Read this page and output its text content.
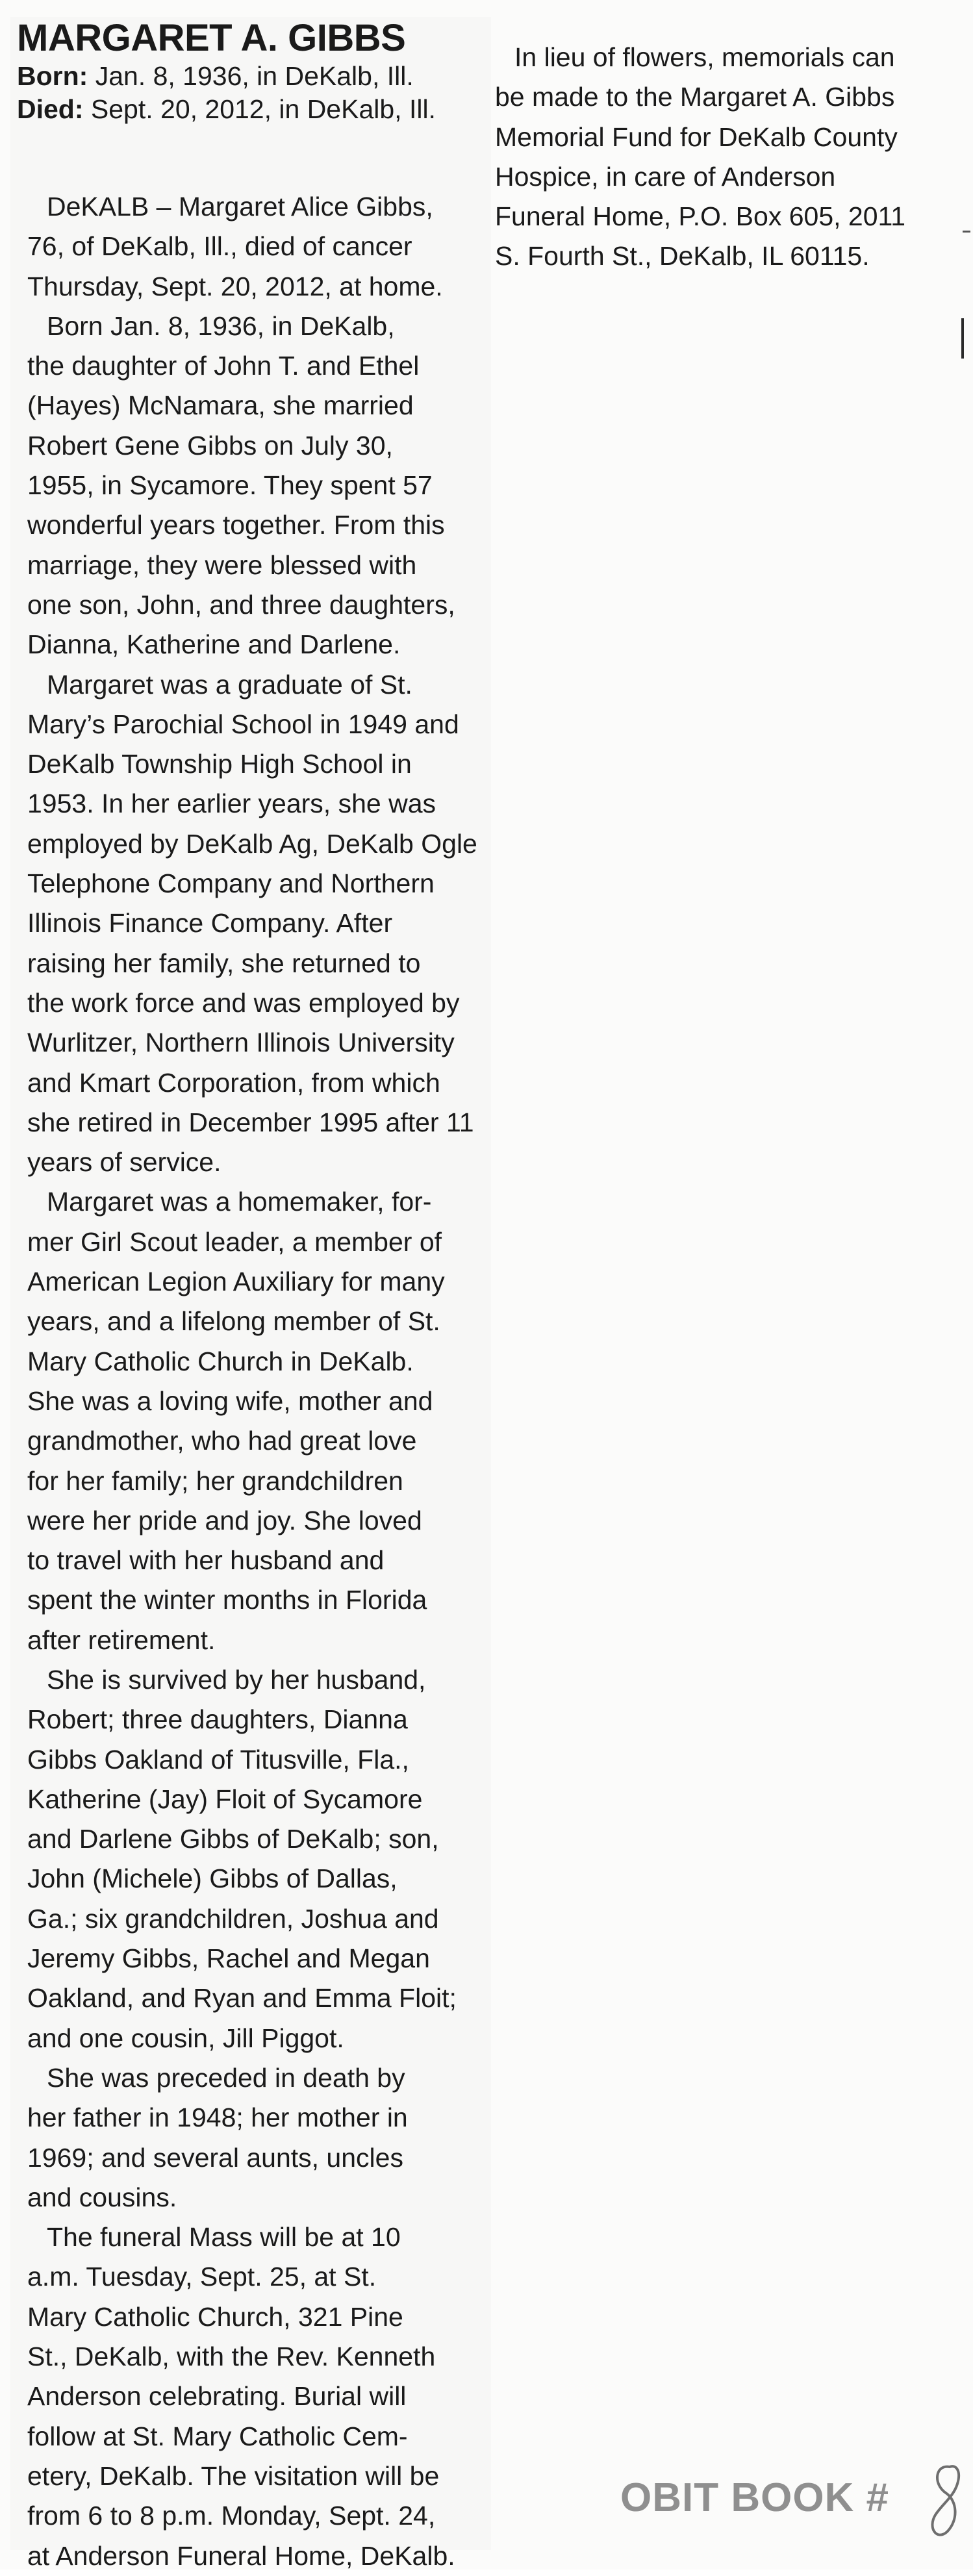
MARGARET A. GIBBS

Born: Jan. 8, 1936, in DeKalb, Ill.

Died: Sept. 20, 2012, in DeKalb, Ill.

DeKALB – Margaret Alice Gibbs,
76, of DeKalb, Ill., died of cancer
Thursday, Sept. 20, 2012, at home.
Born Jan. 8, 1936, in DeKalb,
the daughter of John T. and Ethel
(Hayes) McNamara, she married
Robert Gene Gibbs on July 30,
1955, in Sycamore. They spent 57
wonderful years together. From this
marriage, they were blessed with
one son, John, and three daughters,
Dianna, Katherine and Darlene.
Margaret was a graduate of St.
Mary’s Parochial School in 1949 and
DeKalb Township High School in
1953. In her earlier years, she was
employed by DeKalb Ag, DeKalb Ogle
Telephone Company and Northern
Illinois Finance Company. After
raising her family, she returned to
the work force and was employed by
Wurlitzer, Northern Illinois University
and Kmart Corporation, from which
she retired in December 1995 after 11
years of service.
Margaret was a homemaker, for-
mer Girl Scout leader, a member of
American Legion Auxiliary for many
years, and a lifelong member of St.
Mary Catholic Church in DeKalb.
She was a loving wife, mother and
grandmother, who had great love
for her family; her grandchildren
were her pride and joy. She loved
to travel with her husband and
spent the winter months in Florida
after retirement.
She is survived by her husband,
Robert; three daughters, Dianna
Gibbs Oakland of Titusville, Fla.,
Katherine (Jay) Floit of Sycamore
and Darlene Gibbs of DeKalb; son,
John (Michele) Gibbs of Dallas,
Ga.; six grandchildren, Joshua and
Jeremy Gibbs, Rachel and Megan
Oakland, and Ryan and Emma Floit;
and one cousin, Jill Piggot.
She was preceded in death by
her father in 1948; her mother in
1969; and several aunts, uncles
and cousins.
The funeral Mass will be at 10
a.m. Tuesday, Sept. 25, at St.
Mary Catholic Church, 321 Pine
St., DeKalb, with the Rev. Kenneth
Anderson celebrating. Burial will
follow at St. Mary Catholic Cem-
etery, DeKalb. The visitation will be
from 6 to 8 p.m. Monday, Sept. 24,
at Anderson Funeral Home, DeKalb.
In lieu of flowers, memorials can
be made to the Margaret A. Gibbs
Memorial Fund for DeKalb County
Hospice, in care of Anderson
Funeral Home, P.O. Box 605, 2011
S. Fourth St., DeKalb, IL 60115.
OBIT BOOK #
